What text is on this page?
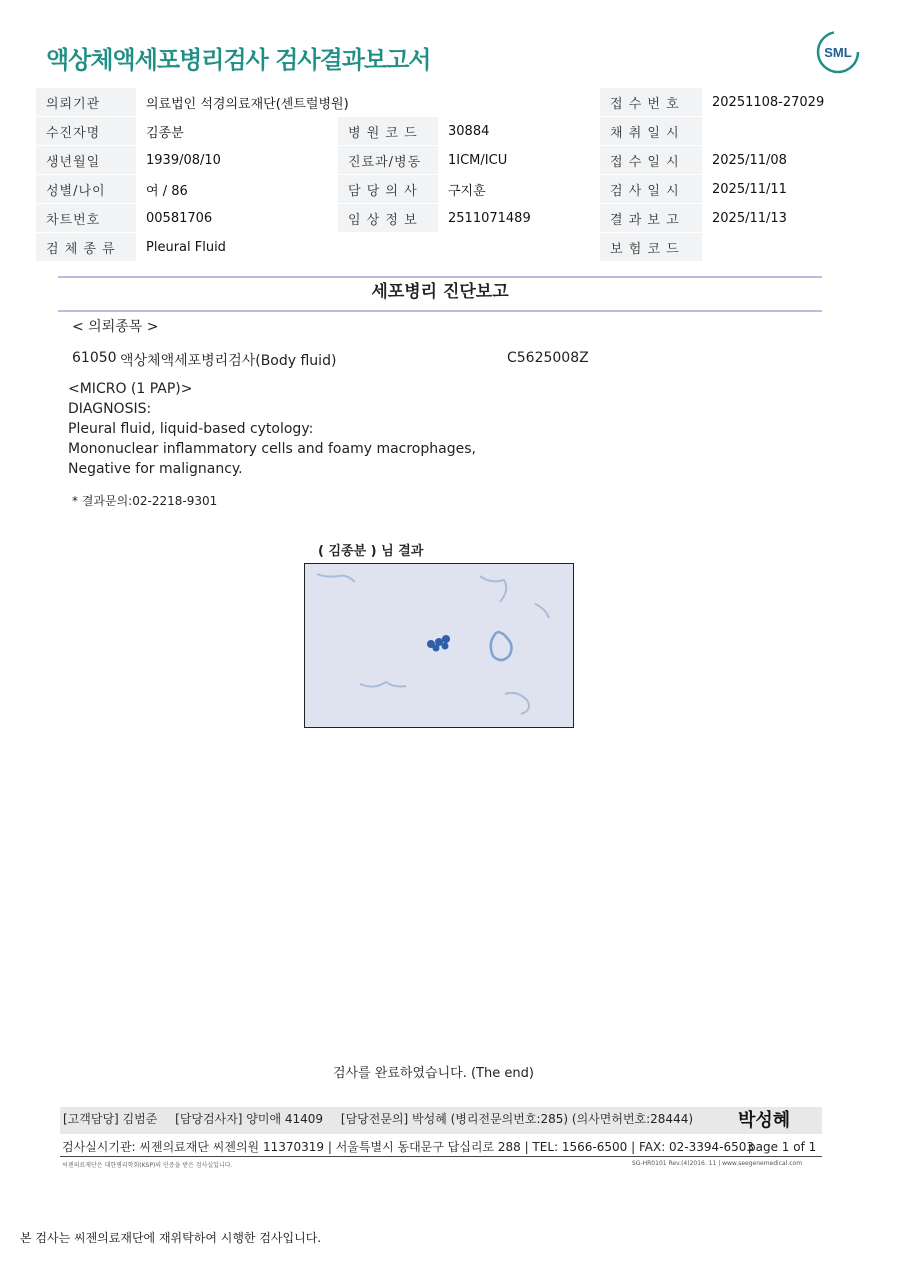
액상체액세포병리검사 검사결과보고서	SML
의뢰기관	의료법인 석경의료재단(센트럴병원)			접 수 번 호	20251108-27029
수진자명	김종분	병 원 코 드	30884	채 취 일 시	
생년월일	1939/08/10	진료과/병동	1ICM/ICU	접 수 일 시	2025/11/08
성별/나이	여 / 86	담 당 의 사	구지훈	검 사 일 시	2025/11/11
차트번호	00581706	임 상 정 보	2511071489	결 과 보 고	2025/11/13
검 체 종 류	Pleural Fluid			보 험 코 드	
세포병리 진단보고
< 의뢰종목 >
61050 액상체액세포병리검사(Body fluid)	C5625008Z
<MICRO (1 PAP)>
DIAGNOSIS:
Pleural fluid, liquid-based cytology:
Mononuclear inflammatory cells and foamy macrophages,
Negative for malignancy.
* 결과문의:02-2218-9301
( 김종분 ) 님 결과
검사를 완료하였습니다. (The end)
[고객담당] 김범준 [담당검사자] 양미애 41409 [담당전문의] 박성혜 (병리전문의번호:285) (의사면허번호:28444)	박성혜
검사실시기관: 씨젠의료재단 씨젠의원 11370319 | 서울특별시 동대문구 답십리로 288 | TEL: 1566-6500 | FAX: 02-3394-6503
page 1 of 1
씨젠의료재단은 대한병리학회(KSP)의 인증을 받은 검사실입니다.	SG-HR0101 Rev.(4)2016. 11 | www.seegenemedical.com
본 검사는 씨젠의료재단에 재위탁하여 시행한 검사입니다.
